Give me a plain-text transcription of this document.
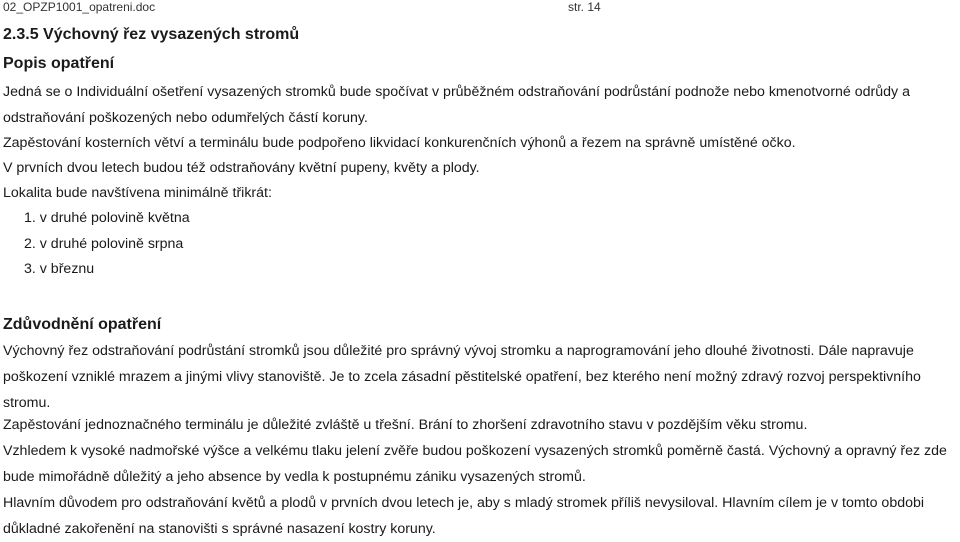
02_OPZP1001_opatreni.doc	str. 14
2.3.5 Výchovný řez vysazených stromů
Popis opatření

Jedná se o Individuální ošetření vysazených stromků bude spočívat v průběžném odstraňování podrůstání podnože nebo kmenotvorné odrůdy a odstraňování poškozených nebo odumřelých částí koruny.

Zapěstování kosterních větví a terminálu bude podpořeno likvidací konkurenčních výhonů a řezem na správně umístěné očko.

V prvních dvou letech budou též odstraňovány květní pupeny, květy a plody.

Lokalita bude navštívena minimálně třikrát:

1. v druhé polovině května
2. v druhé polovině srpna
3. v březnu
Zdůvodnění opatření

Výchovný řez odstraňování podrůstání stromků jsou důležité pro správný vývoj stromku a naprogramování jeho dlouhé životnosti. Dále napravuje poškození vzniklé mrazem a jinými vlivy stanoviště. Je to zcela zásadní pěstitelské opatření, bez kterého není možný zdravý rozvoj perspektivního stromu.

Zapěstování jednoznačného terminálu je důležité zvláště u třešní. Brání to zhoršení zdravotního stavu v pozdějším věku stromu.

Vzhledem k vysoké nadmořské výšce a velkému tlaku jelení zvěře budou poškození vysazených stromků poměrně častá. Výchovný a opravný řez zde bude mimořádně důležitý a jeho absence by vedla k postupnému zániku vysazených stromů.

Hlavním důvodem pro odstraňování květů a plodů v prvních dvou letech je, aby s mladý stromek příliš nevysiloval. Hlavním cílem je v tomto obdobi důkladné zakořenění na stanovišti s správné nasazení kostry koruny.
